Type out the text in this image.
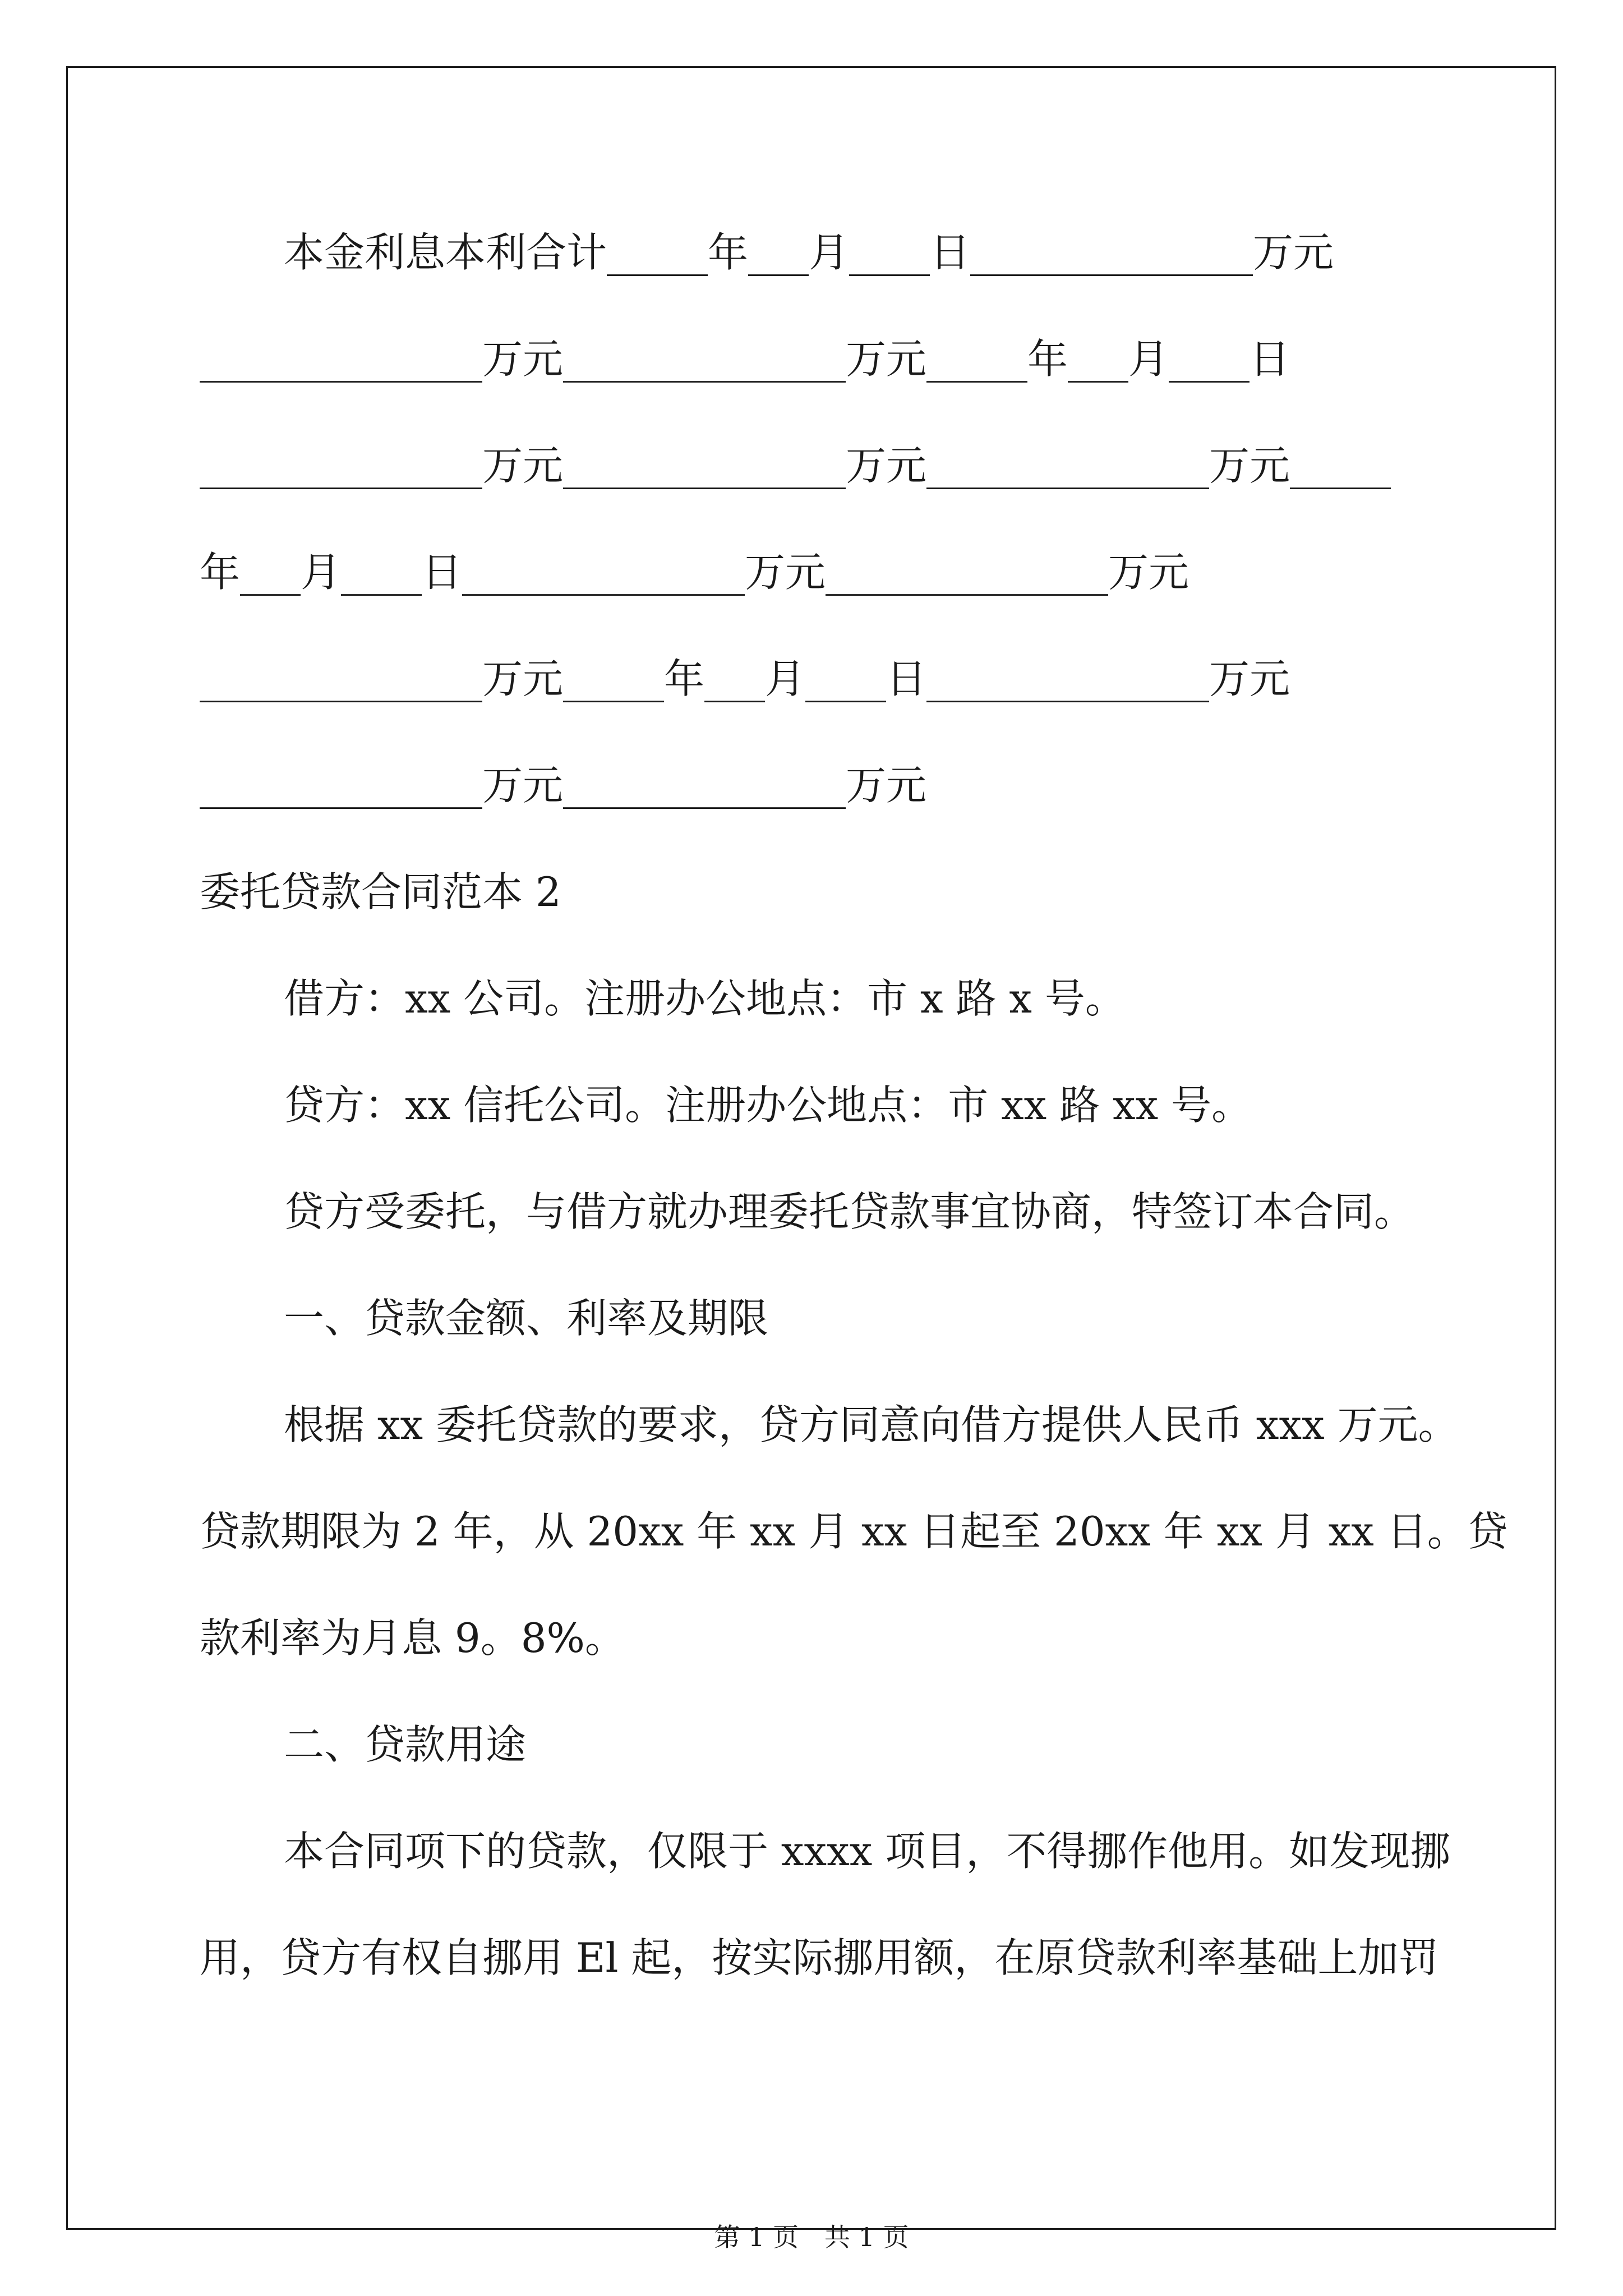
本金利息本利合计_____年___月____日______________万元
______________万元______________万元_____年___月____日
______________万元______________万元______________万元_____
年___月____日______________万元______________万元
______________万元_____年___月____日______________万元
______________万元______________万元
委托贷款合同范本 2
借方：xx 公司。注册办公地点：市 x 路 x 号。
贷方：xx 信托公司。注册办公地点：市 xx 路 xx 号。
贷方受委托，与借方就办理委托贷款事宜协商，特签订本合同。
一、贷款金额、利率及期限
根据 xx 委托贷款的要求，贷方同意向借方提供人民币 xxx 万元。
贷款期限为 2 年，从 20xx 年 xx 月 xx 日起至 20xx 年 xx 月 xx 日。贷
款利率为月息 9。8%。
二、贷款用途
本合同项下的贷款，仅限于 xxxx 项目，不得挪作他用。如发现挪
用，贷方有权自挪用 El 起，按实际挪用额，在原贷款利率基础上加罚
第 1 页　共 1 页
